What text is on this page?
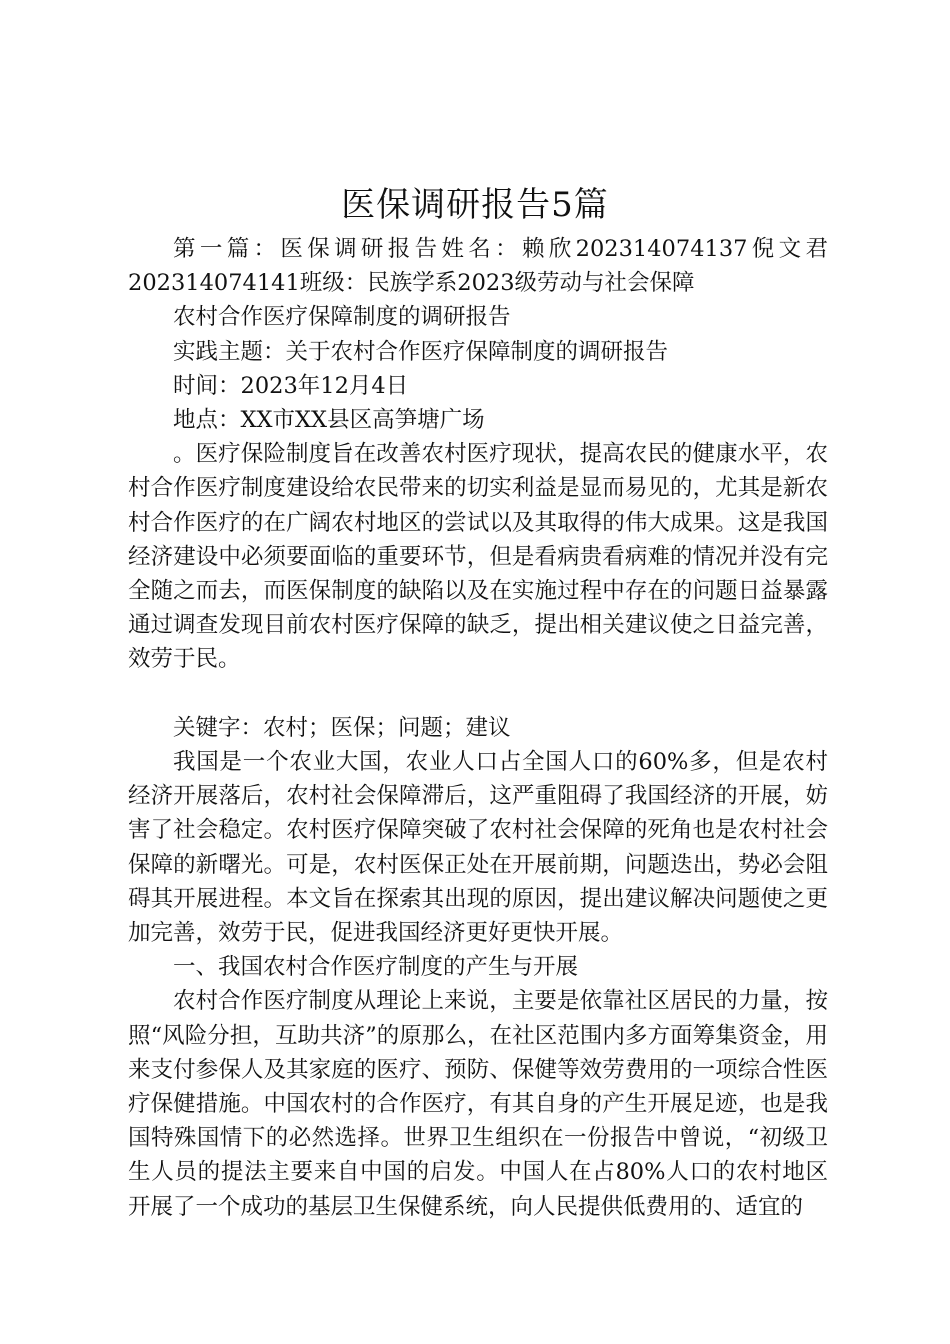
医保调研报告5篇

第一篇：医保调研报告姓名：赖欣202314074137倪文君202314074141班级：民族学系2023级劳动与社会保障

农村合作医疗保障制度的调研报告

实践主题：关于农村合作医疗保障制度的调研报告

时间：2023年12月4日

地点：XX市XX县区高笋塘广场

。医疗保险制度旨在改善农村医疗现状，提高农民的健康水平，农村合作医疗制度建设给农民带来的切实利益是显而易见的，尤其是新农村合作医疗的在广阔农村地区的尝试以及其取得的伟大成果。这是我国经济建设中必须要面临的重要环节，但是看病贵看病难的情况并没有完全随之而去，而医保制度的缺陷以及在实施过程中存在的问题日益暴露通过调查发现目前农村医疗保障的缺乏，提出相关建议使之日益完善，效劳于民。

关键字：农村；医保；问题；建议

我国是一个农业大国，农业人口占全国人口的60%多，但是农村经济开展落后，农村社会保障滞后，这严重阻碍了我国经济的开展，妨害了社会稳定。农村医疗保障突破了农村社会保障的死角也是农村社会保障的新曙光。可是，农村医保正处在开展前期，问题迭出，势必会阻碍其开展进程。本文旨在探索其出现的原因，提出建议解决问题使之更加完善，效劳于民，促进我国经济更好更快开展。

一、我国农村合作医疗制度的产生与开展

农村合作医疗制度从理论上来说，主要是依靠社区居民的力量，按照“风险分担，互助共济”的原那么，在社区范围内多方面筹集资金，用来支付参保人及其家庭的医疗、预防、保健等效劳费用的一项综合性医疗保健措施。中国农村的合作医疗，有其自身的产生开展足迹，也是我国特殊国情下的必然选择。世界卫生组织在一份报告中曾说，“初级卫生人员的提法主要来自中国的启发。中国人在占80%人口的农村地区开展了一个成功的基层卫生保健系统，向人民提供低费用的、适宜的
